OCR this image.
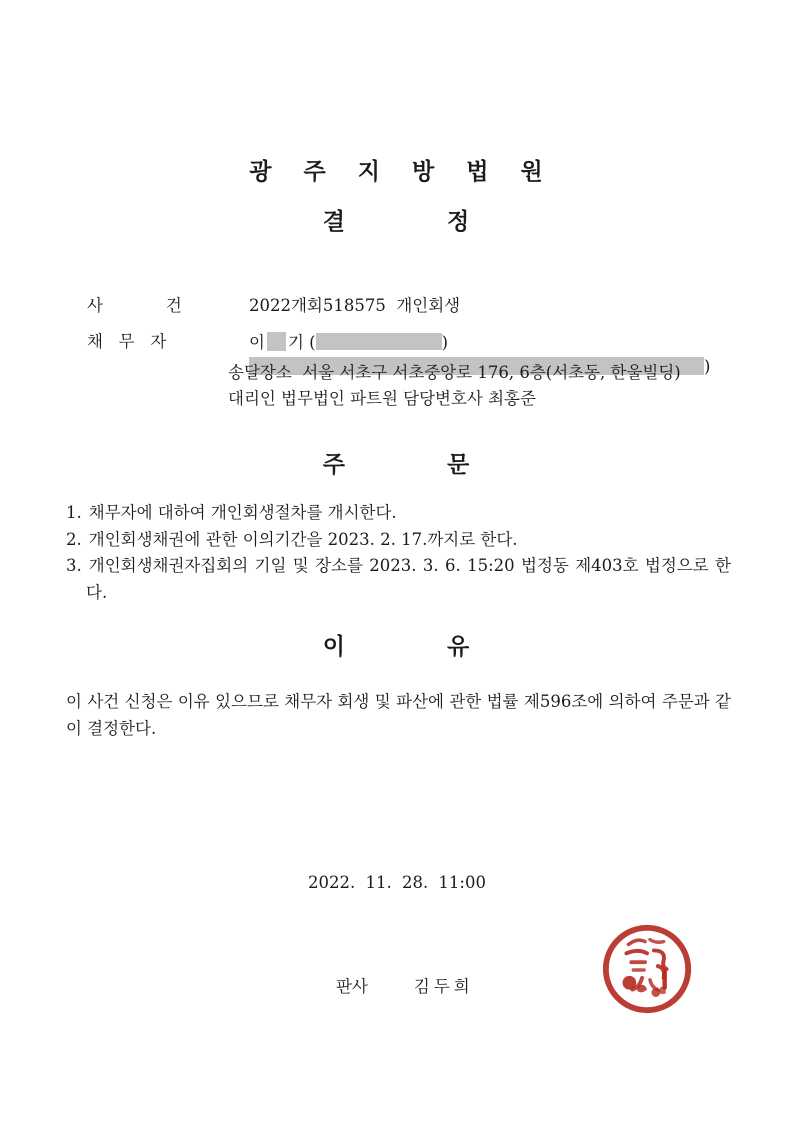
광   주   지   방   법   원
결          정

사            건	2022개회518575  개인회생

채   무   자	이 기 (	)

)

송달장소  서울 서초구 서초중앙로 176, 6층(서초동, 한울빌딩)
대리인 법무법인 파트원 담당변호사 최홍준
주          문
1. 채무자에 대하여 개인회생절차를 개시한다.
2. 개인회생채권에 관한 이의기간을 2023. 2. 17.까지로 한다.
3. 개인회생채권자집회의 기일 및 장소를 2023. 3. 6. 15:20 법정동 제403호 법정으로 한다.
이          유
이 사건 신청은 이유 있으므로 채무자 회생 및 파산에 관한 법률 제596조에 의하여 주문과 같이 결정한다.
2022. 11. 28. 11:00

판사	김두희
